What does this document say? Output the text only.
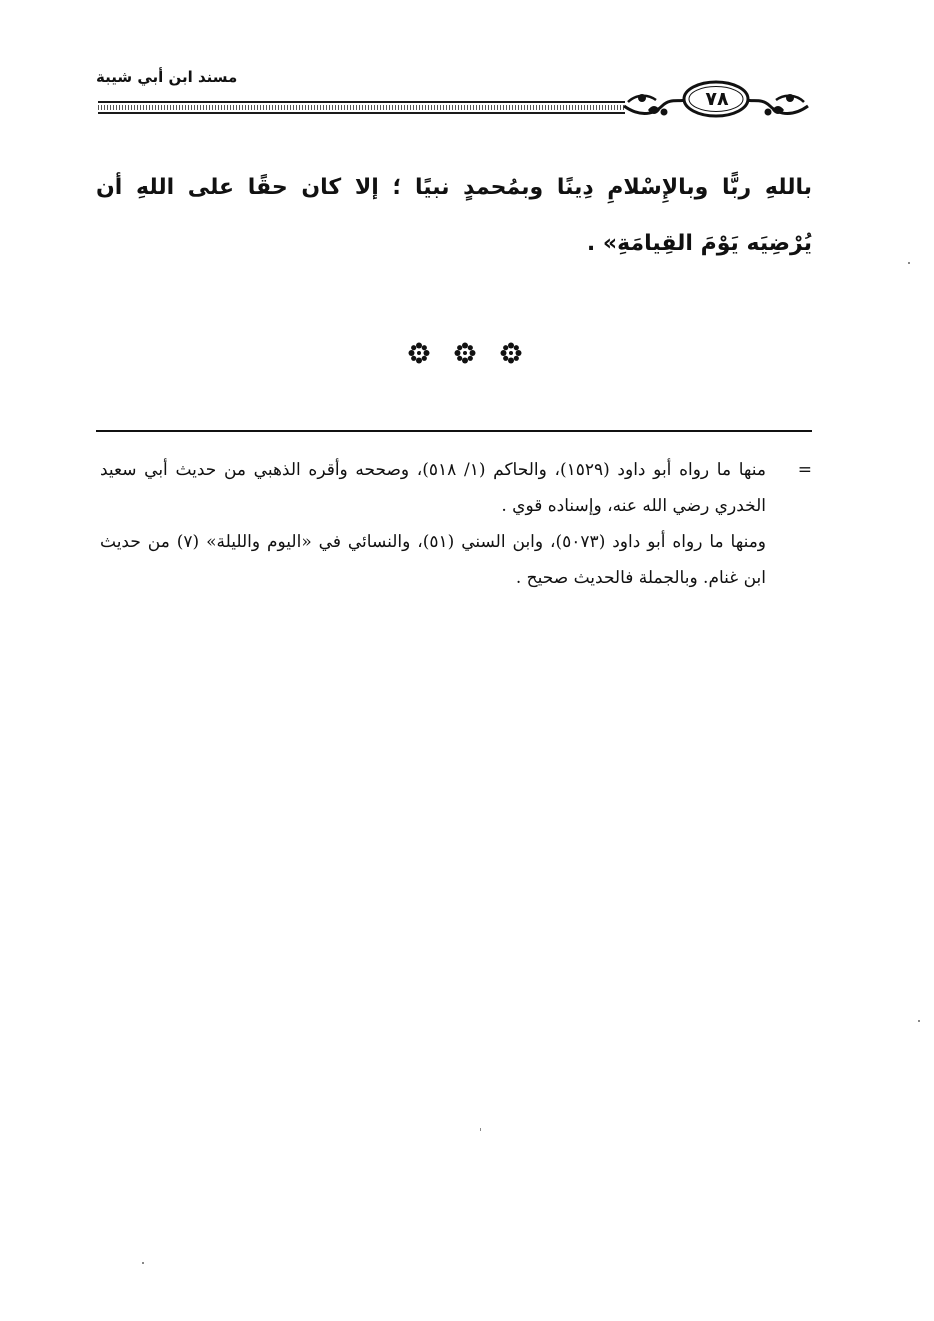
مسند ابن أبي شيبة
٧٨
باللهِ ربًّا وبالإِسْلامِ دِينًا وبمُحمدٍ نبيًا ؛ إلا كان حقًا على اللهِ أن يُرْضِيَه يَوْمَ القِيامَةِ» .

=
منها ما رواه أبو داود (١٥٢٩)، والحاكم (١/ ٥١٨)، وصححه وأقره الذهبي من حديث أبي سعيد الخدري رضي الله عنه، وإسناده قوي .

ومنها ما رواه أبو داود (٥٠٧٣)، وابن السني (٥١)، والنسائي في «اليوم والليلة» (٧) من حديث ابن غنام. وبالجملة فالحديث صحيح .
